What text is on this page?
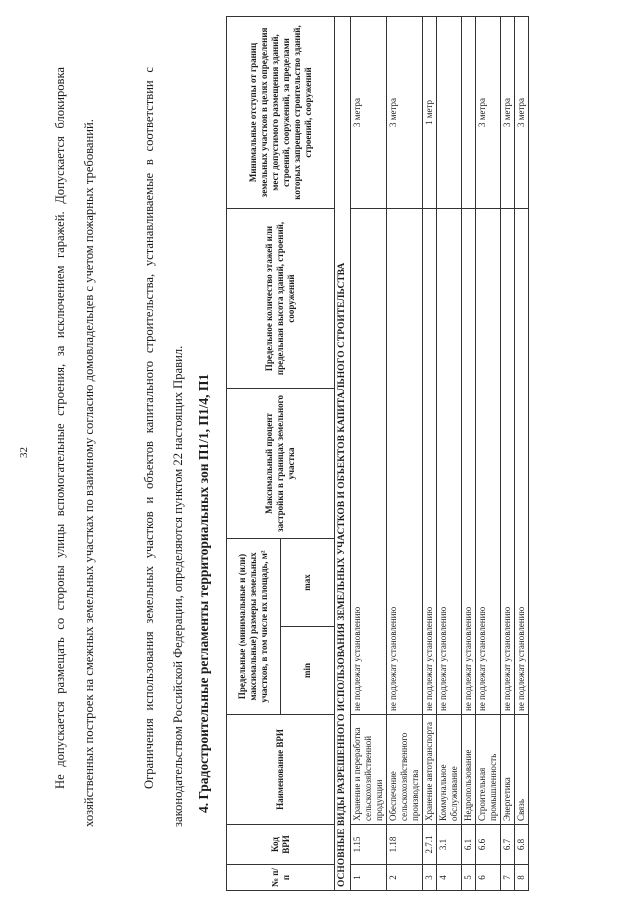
32	Не допускается размещать со стороны улицы вспомогательные строения, за исключением гаражей. Допускается блокировка хозяйственных построек на смежных земельных участках по взаимному согласию домовладельцев с учетом пожарных требований.	Ограничения использования земельных участков и объектов капитального строительства, устанавливаемые в соответствии с законодательством Российской Федерации, определяются пунктом 22 настоящих Правил. 4. Градостроительные регламенты территориальных зон П1/1, П1/4, П1
№ п/п	Код ВРИ	Наименование ВРИ	Предельные (минимальные и (или) максимальные) размеры земельных участков, в том числе их площадь, м²		Максимальный процент застройки в границах земельного участка	Предельное количество этажей или предельная высота зданий, строений, сооружений	Минимальные отступы от границ земельных участков в целях определения мест допустимого размещения зданий, строений, сооружений, за пределами которых запрещено строительство зданий, строений, сооружений
			min	max			
ОСНОВНЫЕ ВИДЫ РАЗРЕШЕННОГО ИСПОЛЬЗОВАНИЯ ЗЕМЕЛЬНЫХ УЧАСТКОВ И ОБЪЕКТОВ КАПИТАЛЬНОГО СТРОИТЕЛЬСТВА							
1	1.15	Хранение и переработка сельскохозяйственной продукции	не подлежат установлению				3 метра
2	1.18	Обеспечение сельскохозяйственного производства	не подлежат установлению				3 метра
3	2.7.1	Хранение автотранспорта	не подлежат установлению				1 метр
4	3.1	Коммунальное обслуживание	не подлежат установлению				
5	6.1	Недропользование	не подлежат установлению				
6	6.6	Строительная промышленность	не подлежат установлению				3 метра
7	6.7	Энергетика	не подлежат установлению				3 метра
8	6.8	Связь	не подлежат установлению				3 метра
